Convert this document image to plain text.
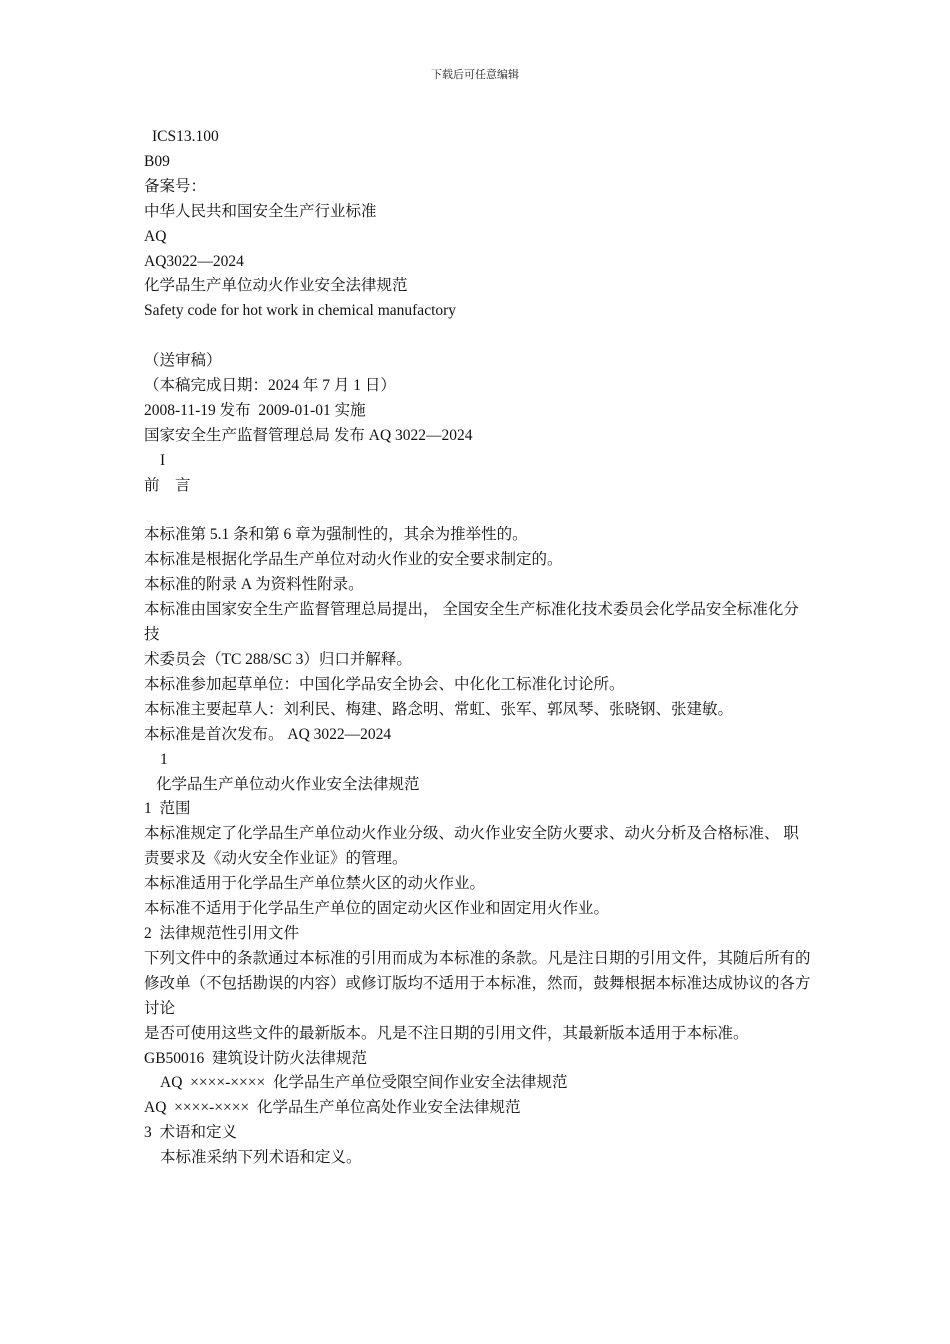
下载后可任意编辑
ICS13.100
B09
备案号：
中华人民共和国安全生产行业标准
AQ
AQ3022—2024
化学品生产单位动火作业安全法律规范
Safety code for hot work in chemical manufactory
（送审稿）
（本稿完成日期：2024 年 7 月 1 日）
2008-11-19 发布  2009-01-01 实施
国家安全生产监督管理总局 发布 AQ 3022—2024
I
前    言
本标准第 5.1 条和第 6 章为强制性的，其余为推举性的。
本标准是根据化学品生产单位对动火作业的安全要求制定的。
本标准的附录 A 为资料性附录。
本标准由国家安全生产监督管理总局提出， 全国安全生产标准化技术委员会化学品安全标准化分技
术委员会（TC 288/SC 3）归口并解释。
本标准参加起草单位：中国化学品安全协会、中化化工标准化讨论所。
本标准主要起草人：刘利民、梅建、路念明、常虹、张军、郭凤琴、张晓钢、张建敏。
本标准是首次发布。 AQ 3022—2024
1
化学品生产单位动火作业安全法律规范
1  范围
本标准规定了化学品生产单位动火作业分级、动火作业安全防火要求、动火分析及合格标准、 职
责要求及《动火安全作业证》的管理。
本标准适用于化学品生产单位禁火区的动火作业。
本标准不适用于化学品生产单位的固定动火区作业和固定用火作业。
2  法律规范性引用文件
下列文件中的条款通过本标准的引用而成为本标准的条款。凡是注日期的引用文件，其随后所有的
修改单（不包括勘误的内容）或修订版均不适用于本标准，然而，鼓舞根据本标准达成协议的各方讨论
是否可使用这些文件的最新版本。凡是不注日期的引用文件，其最新版本适用于本标准。
GB50016  建筑设计防火法律规范
AQ  ××××-××××  化学品生产单位受限空间作业安全法律规范
AQ  ××××-××××  化学品生产单位高处作业安全法律规范
3  术语和定义
本标准采纳下列术语和定义。
